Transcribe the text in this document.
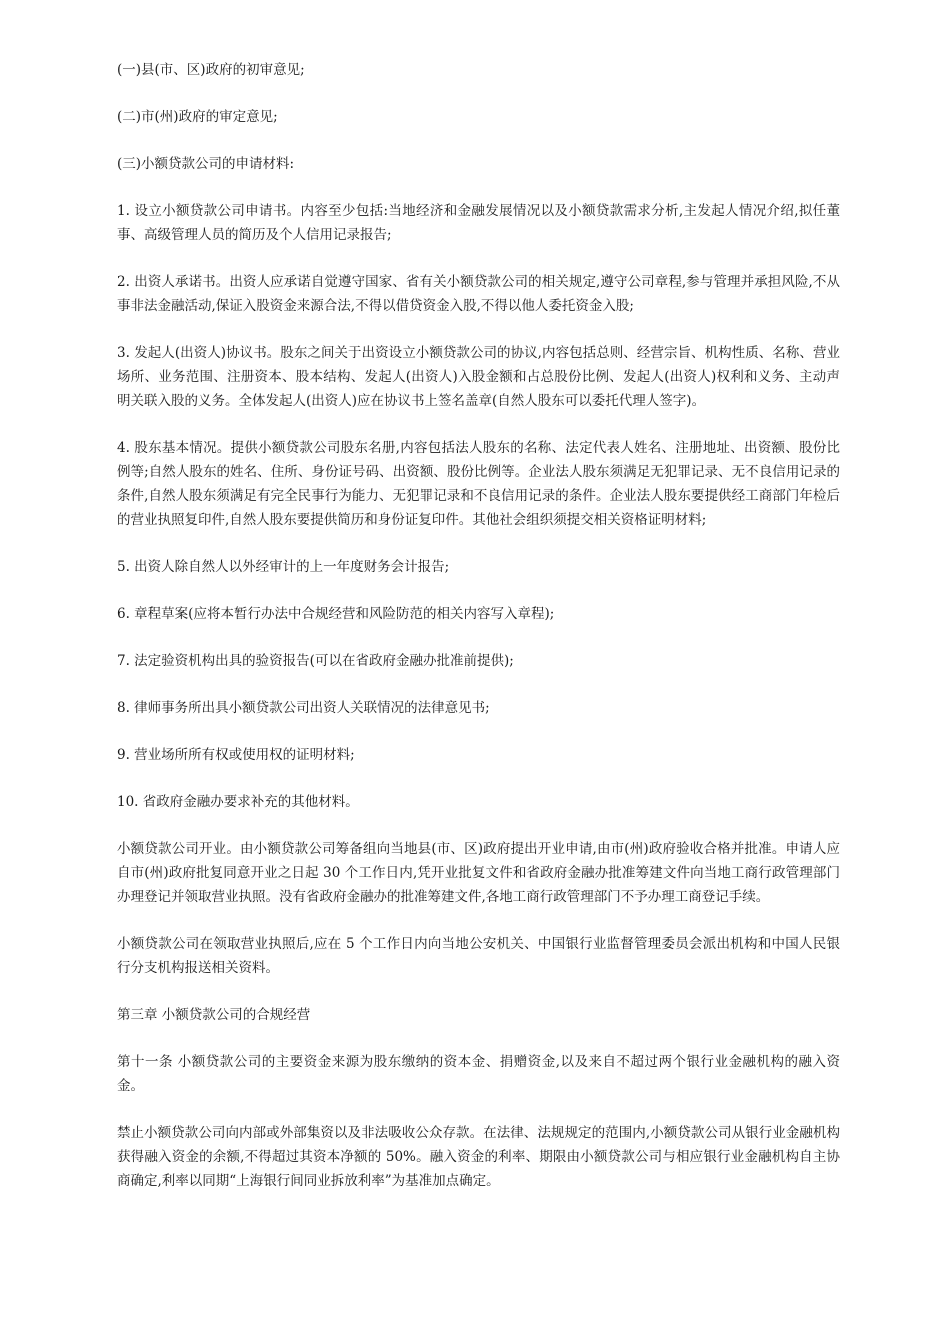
(一)县(市、区)政府的初审意见;

(二)市(州)政府的审定意见;

(三)小额贷款公司的申请材料:

1. 设立小额贷款公司申请书。内容至少包括:当地经济和金融发展情况以及小额贷款需求分析,主发起人情况介绍,拟任董事、高级管理人员的简历及个人信用记录报告;

2. 出资人承诺书。出资人应承诺自觉遵守国家、省有关小额贷款公司的相关规定,遵守公司章程,参与管理并承担风险,不从事非法金融活动,保证入股资金来源合法,不得以借贷资金入股,不得以他人委托资金入股;

3. 发起人(出资人)协议书。股东之间关于出资设立小额贷款公司的协议,内容包括总则、经营宗旨、机构性质、名称、营业场所、业务范围、注册资本、股本结构、发起人(出资人)入股金额和占总股份比例、发起人(出资人)权利和义务、主动声明关联入股的义务。全体发起人(出资人)应在协议书上签名盖章(自然人股东可以委托代理人签字)。

4. 股东基本情况。提供小额贷款公司股东名册,内容包括法人股东的名称、法定代表人姓名、注册地址、出资额、股份比例等;自然人股东的姓名、住所、身份证号码、出资额、股份比例等。企业法人股东须满足无犯罪记录、无不良信用记录的条件,自然人股东须满足有完全民事行为能力、无犯罪记录和不良信用记录的条件。企业法人股东要提供经工商部门年检后的营业执照复印件,自然人股东要提供简历和身份证复印件。其他社会组织须提交相关资格证明材料;

5. 出资人除自然人以外经审计的上一年度财务会计报告;

6. 章程草案(应将本暂行办法中合规经营和风险防范的相关内容写入章程);

7. 法定验资机构出具的验资报告(可以在省政府金融办批准前提供);

8. 律师事务所出具小额贷款公司出资人关联情况的法律意见书;

9. 营业场所所有权或使用权的证明材料;

10. 省政府金融办要求补充的其他材料。

小额贷款公司开业。由小额贷款公司筹备组向当地县(市、区)政府提出开业申请,由市(州)政府验收合格并批准。申请人应自市(州)政府批复同意开业之日起 30 个工作日内,凭开业批复文件和省政府金融办批准筹建文件向当地工商行政管理部门办理登记并领取营业执照。没有省政府金融办的批准筹建文件,各地工商行政管理部门不予办理工商登记手续。

小额贷款公司在领取营业执照后,应在 5 个工作日内向当地公安机关、中国银行业监督管理委员会派出机构和中国人民银行分支机构报送相关资料。

第三章 小额贷款公司的合规经营

第十一条 小额贷款公司的主要资金来源为股东缴纳的资本金、捐赠资金,以及来自不超过两个银行业金融机构的融入资金。

禁止小额贷款公司向内部或外部集资以及非法吸收公众存款。在法律、法规规定的范围内,小额贷款公司从银行业金融机构获得融入资金的余额,不得超过其资本净额的 50%。融入资金的利率、期限由小额贷款公司与相应银行业金融机构自主协商确定,利率以同期“上海银行间同业拆放利率”为基准加点确定。
